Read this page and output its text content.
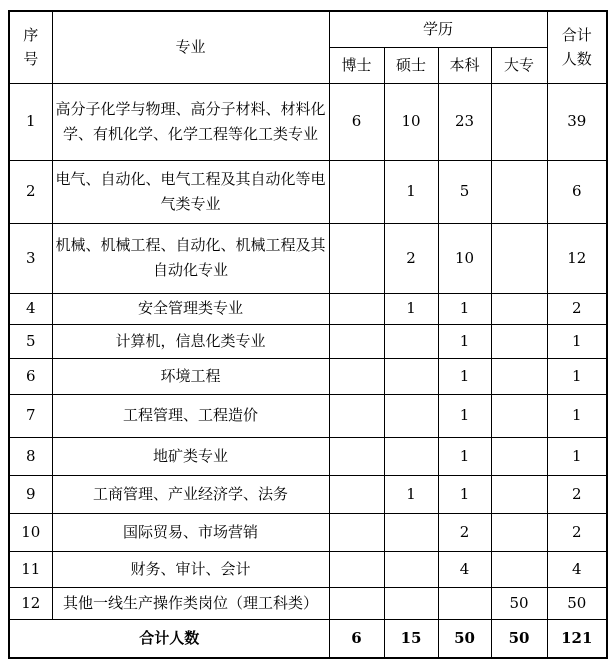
序号	专业	学历				合计人数
		博士	硕士	本科	大专	
1	高分子化学与物理、高分子材料、材料化学、有机化学、化学工程等化工类专业	6	10	23		39
2	电气、自动化、电气工程及其自动化等电气类专业		1	5		6
3	机械、机械工程、自动化、机械工程及其自动化专业		2	10		12
4	安全管理类专业		1	1		2
5	计算机，信息化类专业			1		1
6	环境工程			1		1
7	工程管理、工程造价			1		1
8	地矿类专业			1		1
9	工商管理、产业经济学、法务		1	1		2
10	国际贸易、市场营销			2		2
11	财务、审计、会计			4		4
12	其他一线生产操作类岗位（理工科类）				50	50
合计人数		6	15	50	50	121
